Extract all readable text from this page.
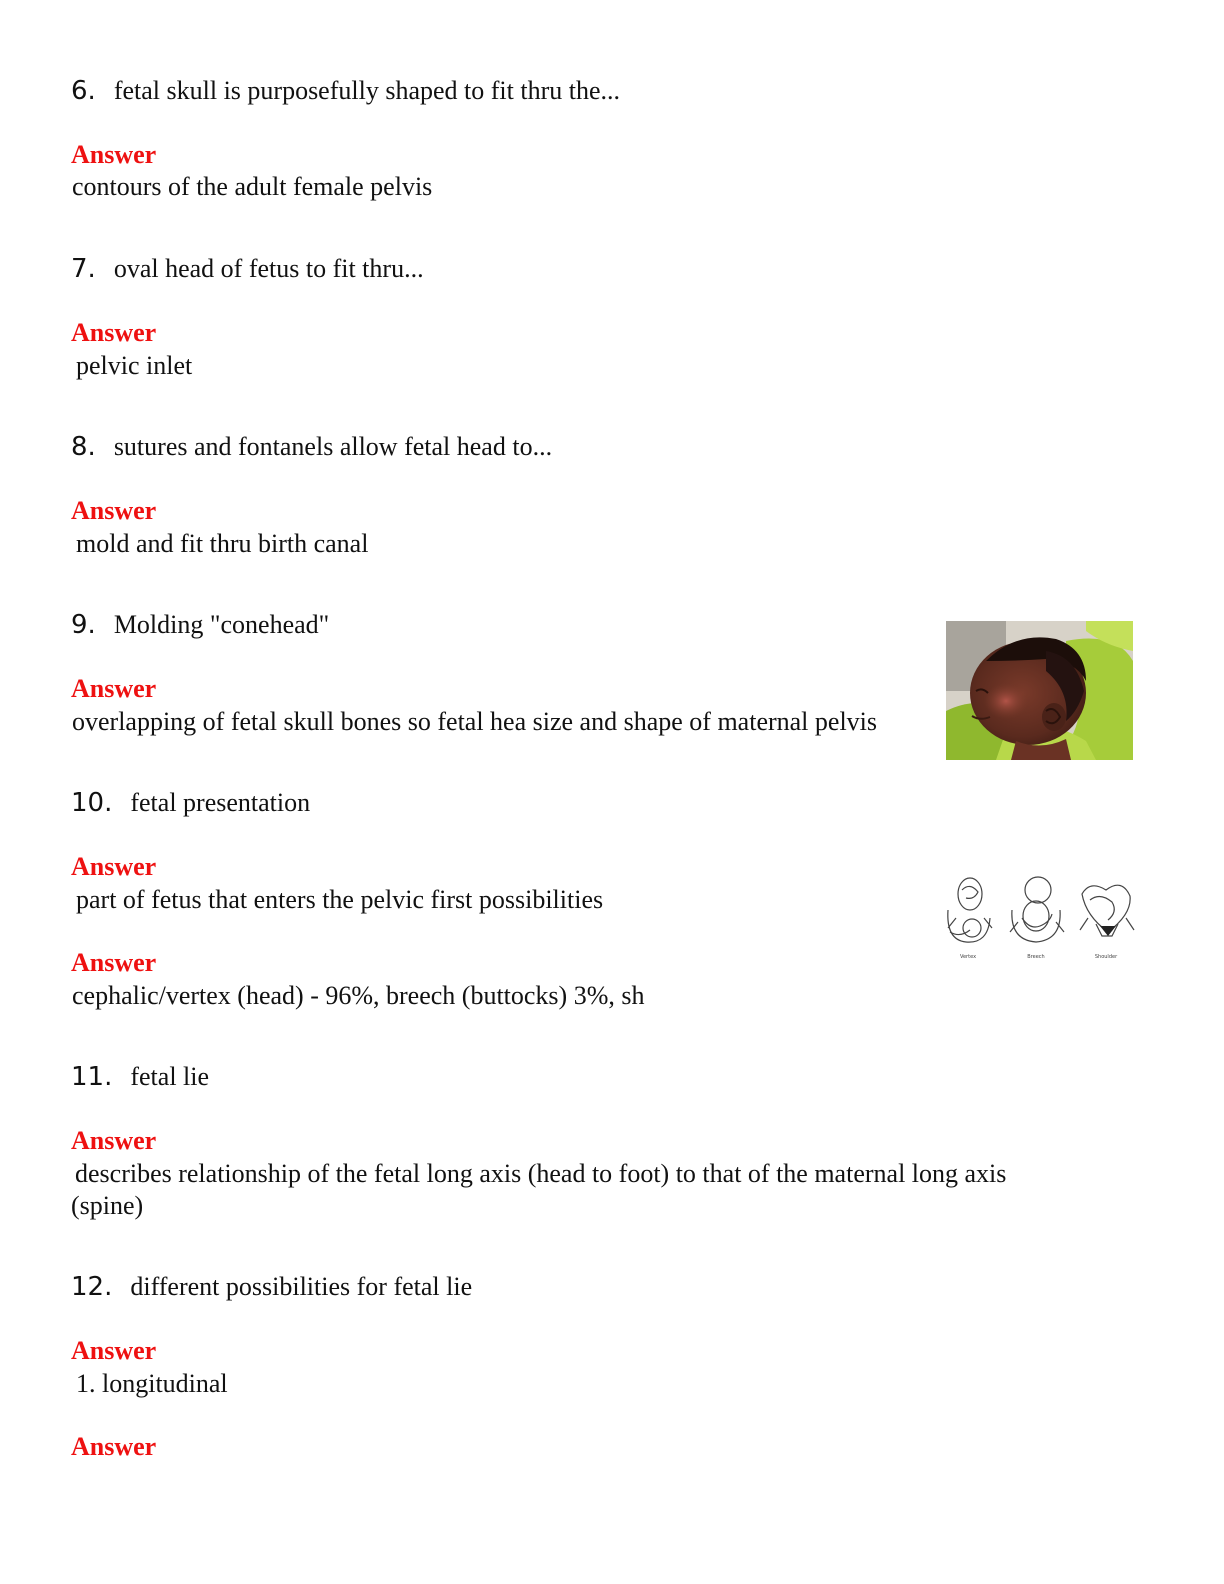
6. fetal skull is purposefully shaped to fit thru the...
Answer
contours of the adult female pelvis
7. oval head of fetus to fit thru...
Answer
pelvic inlet
8. sutures and fontanels allow fetal head to...
Answer
mold and fit thru birth canal
9. Molding "conehead"
Answer
overlapping of fetal skull bones so fetal hea size and shape of maternal pelvis
10. fetal presentation
Answer
part of fetus that enters the pelvic first possibilities
Answer
cephalic/vertex (head) - 96%, breech (buttocks) 3%, sh
Vertex	Breech	Shoulder
11. fetal lie
Answer
describes relationship of the fetal long axis (head to foot) to that of the maternal long axis (spine)
12. different possibilities for fetal lie
Answer
1. longitudinal
Answer
